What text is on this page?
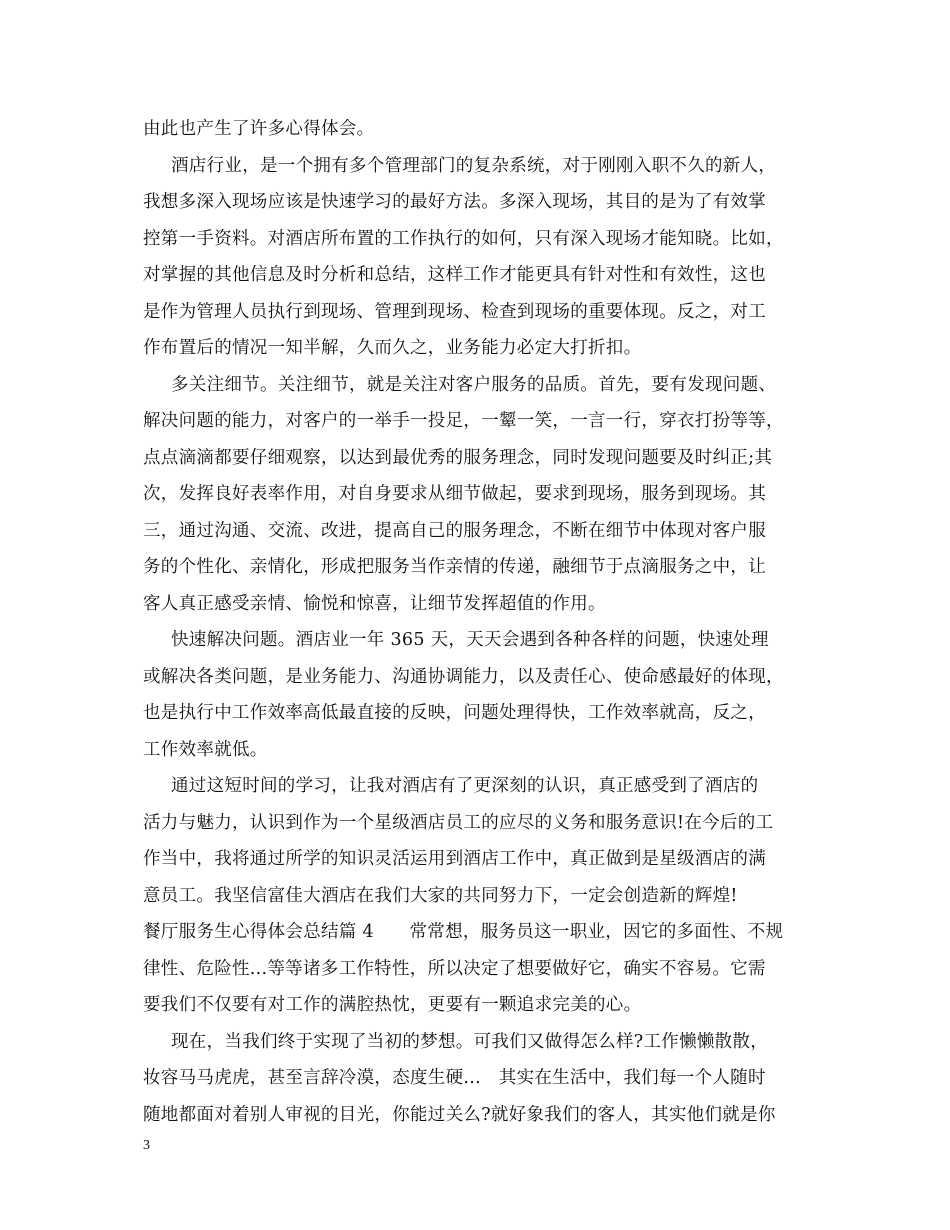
由此也产生了许多心得体会。
酒店行业，是一个拥有多个管理部门的复杂系统，对于刚刚入职不久的新人，
我想多深入现场应该是快速学习的最好方法。多深入现场，其目的是为了有效掌
控第一手资料。对酒店所布置的工作执行的如何，只有深入现场才能知晓。比如，
对掌握的其他信息及时分析和总结，这样工作才能更具有针对性和有效性，这也
是作为管理人员执行到现场、管理到现场、检查到现场的重要体现。反之，对工
作布置后的情况一知半解，久而久之，业务能力必定大打折扣。
多关注细节。关注细节，就是关注对客户服务的品质。首先，要有发现问题、
解决问题的能力，对客户的一举手一投足，一颦一笑，一言一行，穿衣打扮等等，
点点滴滴都要仔细观察，以达到最优秀的服务理念，同时发现问题要及时纠正;其
次，发挥良好表率作用，对自身要求从细节做起，要求到现场，服务到现场。其
三，通过沟通、交流、改进，提高自己的服务理念，不断在细节中体现对客户服
务的个性化、亲情化，形成把服务当作亲情的传递，融细节于点滴服务之中，让
客人真正感受亲情、愉悦和惊喜，让细节发挥超值的作用。
快速解决问题。酒店业一年 365 天，天天会遇到各种各样的问题，快速处理
或解决各类问题，是业务能力、沟通协调能力，以及责任心、使命感最好的体现，
也是执行中工作效率高低最直接的反映，问题处理得快，工作效率就高，反之，
工作效率就低。
通过这短时间的学习，让我对酒店有了更深刻的认识，真正感受到了酒店的
活力与魅力，认识到作为一个星级酒店员工的应尽的义务和服务意识!在今后的工
作当中，我将通过所学的知识灵活运用到酒店工作中，真正做到是星级酒店的满
意员工。我坚信富佳大酒店在我们大家的共同努力下，一定会创造新的辉煌!
餐厅服务生心得体会总结篇 4　　常常想，服务员这一职业，因它的多面性、不规
律性、危险性...等等诸多工作特性，所以决定了想要做好它，确实不容易。它需
要我们不仅要有对工作的满腔热忱，更要有一颗追求完美的心。
现在，当我们终于实现了当初的梦想。可我们又做得怎么样?工作懒懒散散，
妆容马马虎虎，甚至言辞冷漠，态度生硬...　其实在生活中，我们每一个人随时
随地都面对着别人审视的目光，你能过关么?就好象我们的客人，其实他们就是你
3
